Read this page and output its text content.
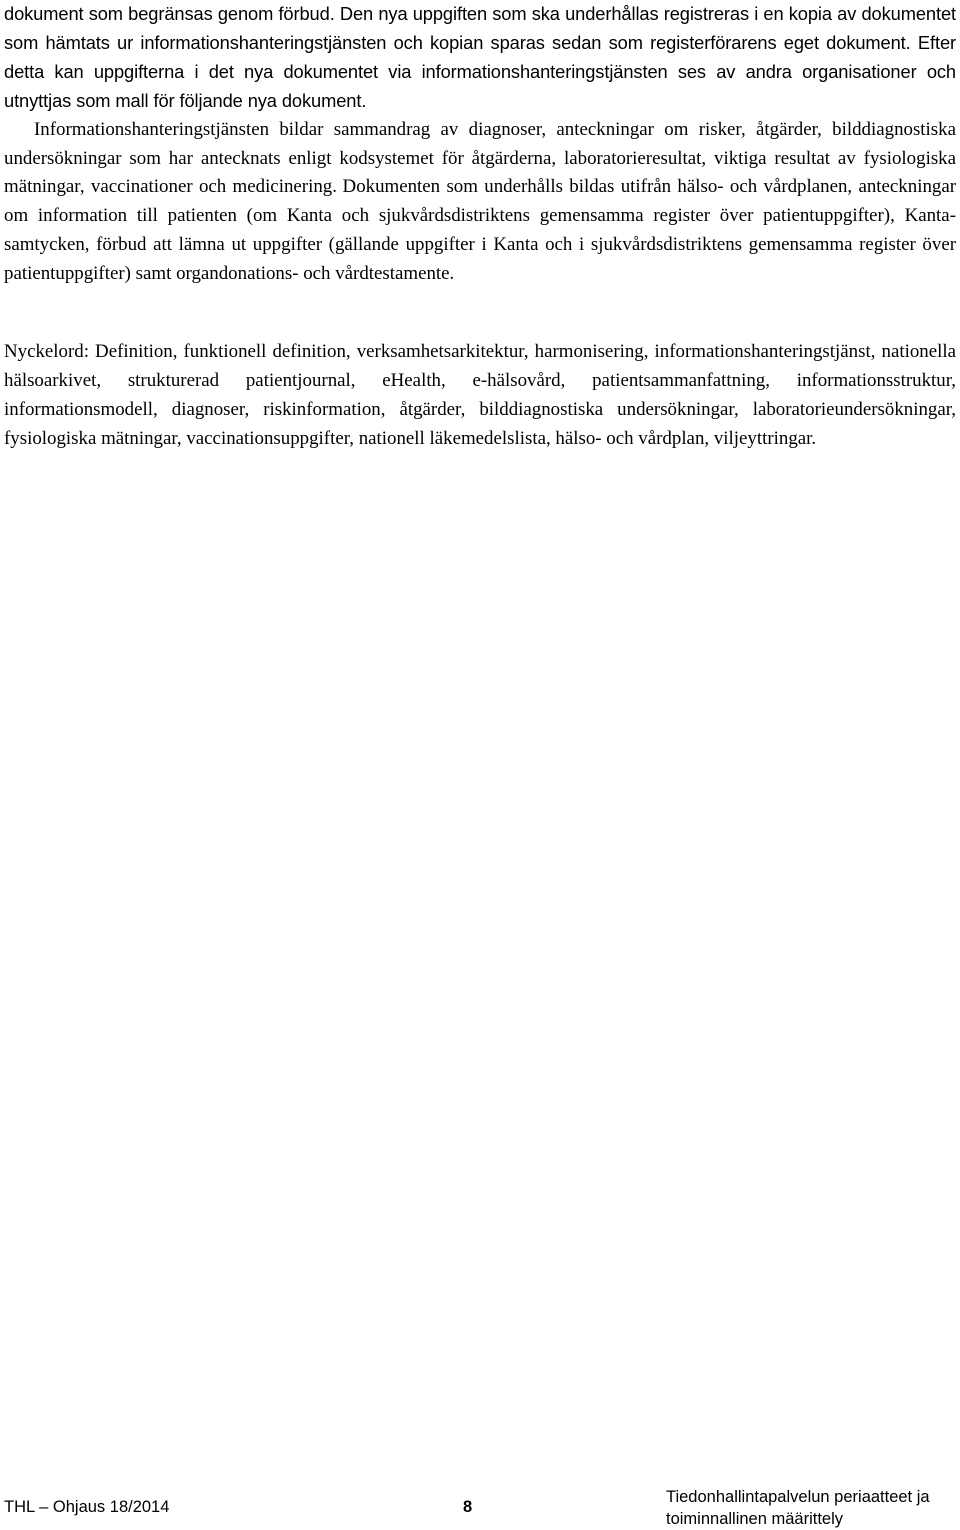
dokument som begränsas genom förbud. Den nya uppgiften som ska underhållas registreras i en kopia av dokumentet som hämtats ur informationshanteringstjänsten och kopian sparas sedan som registerförarens eget dokument. Efter detta kan uppgifterna i det nya dokumentet via informationshanteringstjänsten ses av andra organisationer och utnyttjas som mall för följande nya dokument.

Informationshanteringstjänsten bildar sammandrag av diagnoser, anteckningar om risker, åtgärder, bilddiagnostiska undersökningar som har antecknats enligt kodsystemet för åtgärderna, laboratorieresultat, viktiga resultat av fysiologiska mätningar, vaccinationer och medicinering. Dokumenten som underhålls bildas utifrån hälso- och vårdplanen, anteckningar om information till patienten (om Kanta och sjukvårdsdistriktens gemensamma register över patientuppgifter), Kanta-samtycken, förbud att lämna ut uppgifter (gällande uppgifter i Kanta och i sjukvårdsdistriktens gemensamma register över patientuppgifter) samt organdonations- och vårdtestamente.

Nyckelord: Definition, funktionell definition, verksamhetsarkitektur, harmonisering, informationshanteringstjänst, nationella hälsoarkivet, strukturerad patientjournal, eHealth, e-hälsovård, patientsammanfattning, informationsstruktur, informationsmodell, diagnoser, riskinformation, åtgärder, bilddiagnostiska undersökningar, laboratorieundersökningar, fysiologiska mätningar, vaccinationsuppgifter, nationell läkemedelslista, hälso- och vårdplan, viljeyttringar.

THL – Ohjaus 18/2014	8
Tiedonhallintapalvelun periaatteet ja
toiminnallinen määrittely
